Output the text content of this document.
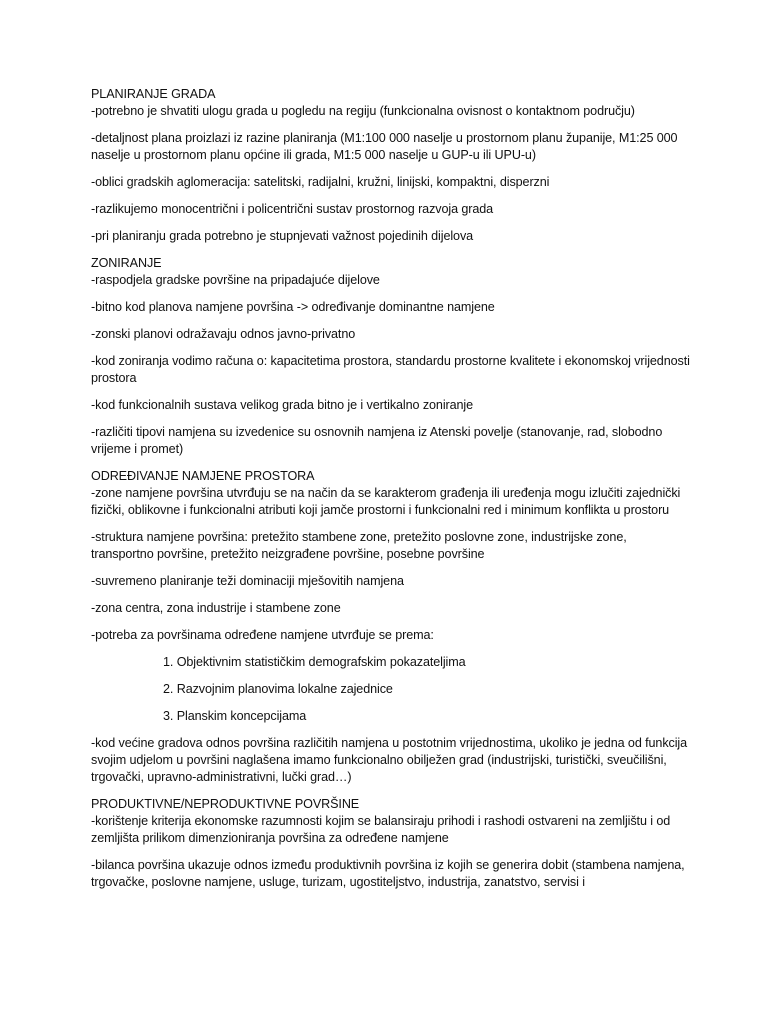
PLANIRANJE GRADA
-potrebno je shvatiti ulogu grada u pogledu na regiju (funkcionalna ovisnost o kontaktnom području)
-detaljnost plana proizlazi iz razine planiranja (M1:100 000 naselje u prostornom planu županije, M1:25 000 naselje u prostornom planu općine ili grada, M1:5 000 naselje u GUP-u ili UPU-u)
-oblici gradskih aglomeracija: satelitski, radijalni, kružni, linijski, kompaktni, disperzni
-razlikujemo monocentrični i policentrični sustav prostornog razvoja grada
-pri planiranju grada potrebno je stupnjevati važnost pojedinih dijelova
ZONIRANJE
-raspodjela gradske površine na pripadajuće dijelove
-bitno kod planova namjene površina -> određivanje dominantne namjene
-zonski planovi odražavaju odnos javno-privatno
-kod zoniranja vodimo računa o: kapacitetima prostora, standardu prostorne kvalitete i ekonomskoj vrijednosti prostora
-kod funkcionalnih sustava velikog grada bitno je i vertikalno zoniranje
-različiti tipovi namjena su izvedenice su osnovnih namjena iz Atenski povelje (stanovanje, rad, slobodno vrijeme i promet)
ODREĐIVANJE NAMJENE PROSTORA
-zone namjene površina utvrđuju se na način da se karakterom građenja ili uređenja mogu izlučiti zajednički fizički, oblikovne i funkcionalni atributi koji jamče prostorni i funkcionalni red i minimum konflikta u prostoru
-struktura namjene površina: pretežito stambene zone, pretežito poslovne zone, industrijske zone, transportno površine, pretežito neizgrađene površine, posebne površine
-suvremeno planiranje teži dominaciji mješovitih namjena
-zona centra, zona industrije i stambene zone
-potreba za površinama određene namjene utvrđuje se prema:
1. Objektivnim statističkim demografskim pokazateljima
2. Razvojnim planovima lokalne zajednice
3. Planskim koncepcijama
-kod većine gradova odnos površina različitih namjena u postotnim vrijednostima, ukoliko je jedna od funkcija svojim udjelom u površini naglašena imamo funkcionalno obilježen grad (industrijski, turistički, sveučilišni, trgovački, upravno-administrativni, lučki grad…)
PRODUKTIVNE/NEPRODUKTIVNE POVRŠINE
-korištenje kriterija ekonomske razumnosti kojim se balansiraju prihodi i rashodi ostvareni na zemljištu i od zemljišta prilikom dimenzioniranja površina za određene namjene
-bilanca površina ukazuje odnos između produktivnih površina iz kojih se generira dobit (stambena namjena, trgovačke, poslovne namjene, usluge, turizam, ugostiteljstvo, industrija, zanatstvo, servisi i
